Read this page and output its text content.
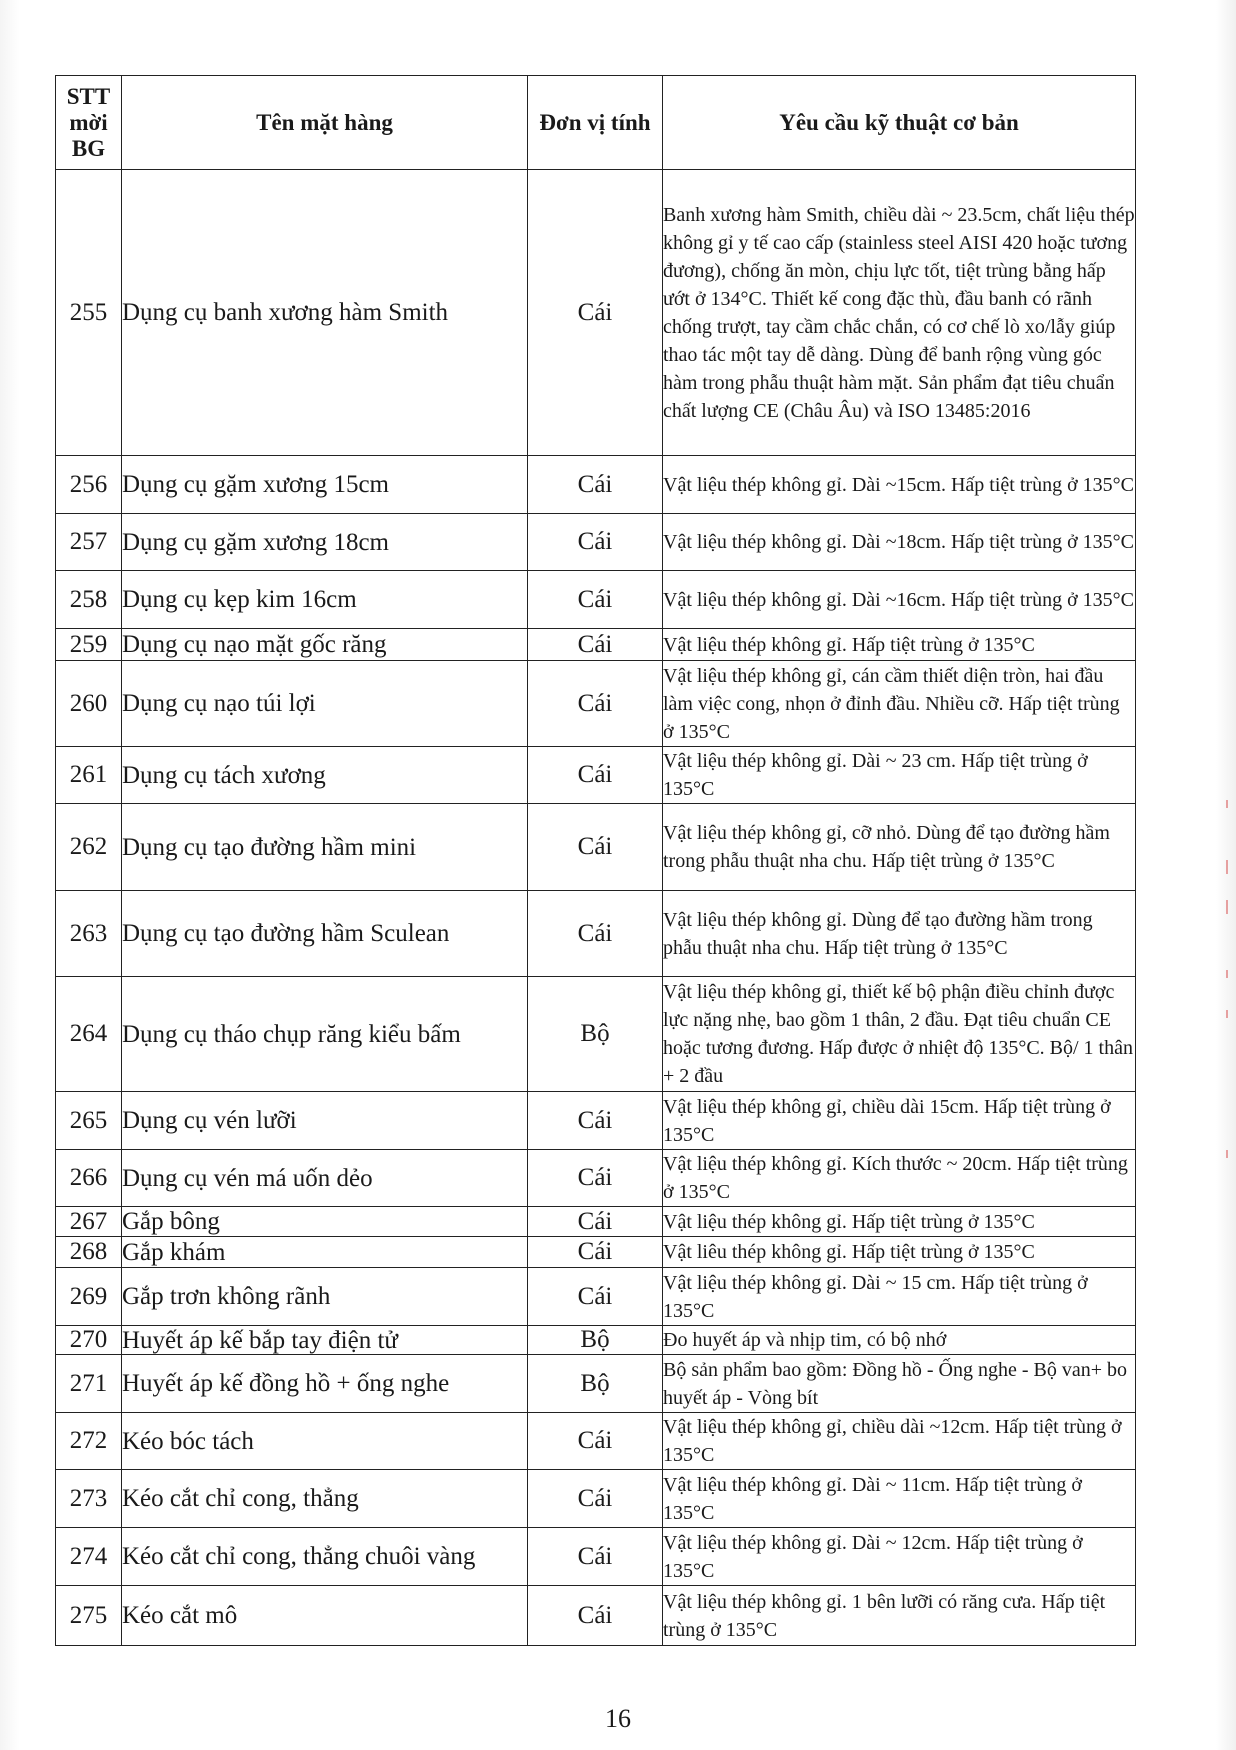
STT mời BG	Tên mặt hàng	Đơn vị tính	Yêu cầu kỹ thuật cơ bản
255	Dụng cụ banh xương hàm Smith	Cái	Banh xương hàm Smith, chiều dài ~ 23.5cm, chất liệu thép không gỉ y tế cao cấp (stainless steel AISI 420 hoặc tương đương), chống ăn mòn, chịu lực tốt, tiệt trùng bằng hấp ướt ở 134°C. Thiết kế cong đặc thù, đầu banh có rãnh chống trượt, tay cầm chắc chắn, có cơ chế lò xo/lẫy giúp thao tác một tay dễ dàng. Dùng để banh rộng vùng góc hàm trong phẫu thuật hàm mặt. Sản phẩm đạt tiêu chuẩn chất lượng CE (Châu Âu) và ISO 13485:2016
256	Dụng cụ gặm xương 15cm	Cái	Vật liệu thép không gỉ. Dài ~15cm. Hấp tiệt trùng ở 135°C
257	Dụng cụ gặm xương 18cm	Cái	Vật liệu thép không gỉ. Dài ~18cm. Hấp tiệt trùng ở 135°C
258	Dụng cụ kẹp kim 16cm	Cái	Vật liệu thép không gỉ. Dài ~16cm. Hấp tiệt trùng ở 135°C
259	Dụng cụ nạo mặt gốc răng	Cái	Vật liệu thép không gỉ. Hấp tiệt trùng ở 135°C
260	Dụng cụ nạo túi lợi	Cái	Vật liệu thép không gỉ, cán cầm thiết diện tròn, hai đầu làm việc cong, nhọn ở đỉnh đầu. Nhiều cỡ. Hấp tiệt trùng ở 135°C
261	Dụng cụ tách xương	Cái	Vật liệu thép không gỉ. Dài ~ 23 cm. Hấp tiệt trùng ở 135°C
262	Dụng cụ tạo đường hầm mini	Cái	Vật liệu thép không gỉ, cỡ nhỏ. Dùng để tạo đường hầm trong phẫu thuật nha chu. Hấp tiệt trùng ở 135°C
263	Dụng cụ tạo đường hầm Sculean	Cái	Vật liệu thép không gỉ. Dùng để tạo đường hầm trong phẫu thuật nha chu. Hấp tiệt trùng ở 135°C
264	Dụng cụ tháo chụp răng kiểu bấm	Bộ	Vật liệu thép không gỉ, thiết kế bộ phận điều chỉnh được lực nặng nhẹ, bao gồm 1 thân, 2 đầu. Đạt tiêu chuẩn CE hoặc tương đương. Hấp được ở nhiệt độ 135°C. Bộ/ 1 thân + 2 đầu
265	Dụng cụ vén lưỡi	Cái	Vật liệu thép không gỉ, chiều dài 15cm. Hấp tiệt trùng ở 135°C
266	Dụng cụ vén má uốn dẻo	Cái	Vật liệu thép không gỉ. Kích thước ~ 20cm. Hấp tiệt trùng ở 135°C
267	Gắp bông	Cái	Vật liệu thép không gỉ. Hấp tiệt trùng ở 135°C
268	Gắp khám	Cái	Vật liêu thép không gỉ. Hấp tiệt trùng ở 135°C
269	Gắp trơn không rãnh	Cái	Vật liệu thép không gỉ. Dài ~ 15 cm. Hấp tiệt trùng ở 135°C
270	Huyết áp kế bắp tay điện tử	Bộ	Đo huyết áp và nhịp tim, có bộ nhớ
271	Huyết áp kế đồng hồ + ống nghe	Bộ	Bộ sản phẩm bao gồm: Đồng hồ - Ống nghe - Bộ van+ bo huyết áp - Vòng bít
272	Kéo bóc tách	Cái	Vật liệu thép không gỉ, chiều dài ~12cm. Hấp tiệt trùng ở 135°C
273	Kéo cắt chỉ cong, thẳng	Cái	Vật liệu thép không gỉ. Dài ~ 11cm. Hấp tiệt trùng ở 135°C
274	Kéo cắt chỉ cong, thẳng chuôi vàng	Cái	Vật liệu thép không gỉ. Dài ~ 12cm. Hấp tiệt trùng ở 135°C
275	Kéo cắt mô	Cái	Vật liệu thép không gỉ. 1 bên lưỡi có răng cưa. Hấp tiệt trùng ở 135°C
16
